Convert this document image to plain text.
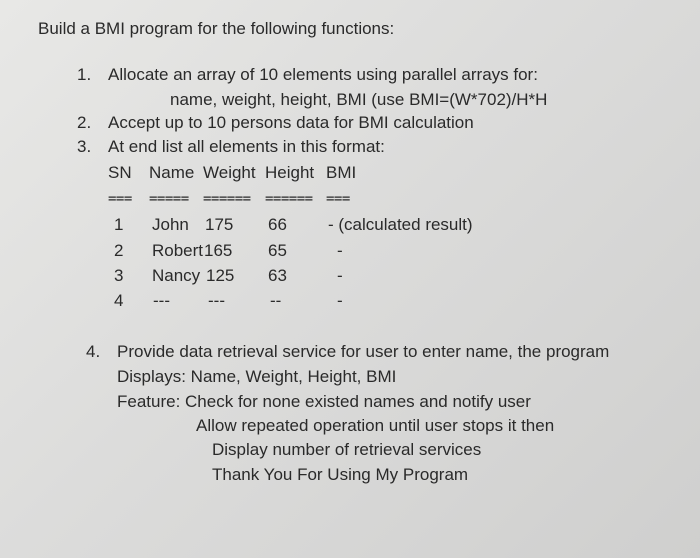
Build a BMI program for the following functions:
1. Allocate an array of 10 elements using parallel arrays for:
name, weight, height, BMI (use BMI=(W*702)/H*H
2. Accept up to 10 persons data for BMI calculation
3. At end list all elements in this format:
SN Name Weight Height BMI
=== ===== ====== ====== ===
1 John 175 66 - (calculated result)
2 Robert 165 65	-
3 Nancy 125 63	-
4 --- ---	--	-
4. Provide data retrieval service for user to enter name, the program
Displays: Name, Weight, Height, BMI
Feature: Check for none existed names and notify user
Allow repeated operation until user stops it then
Display number of retrieval services
Thank You For Using My Program
